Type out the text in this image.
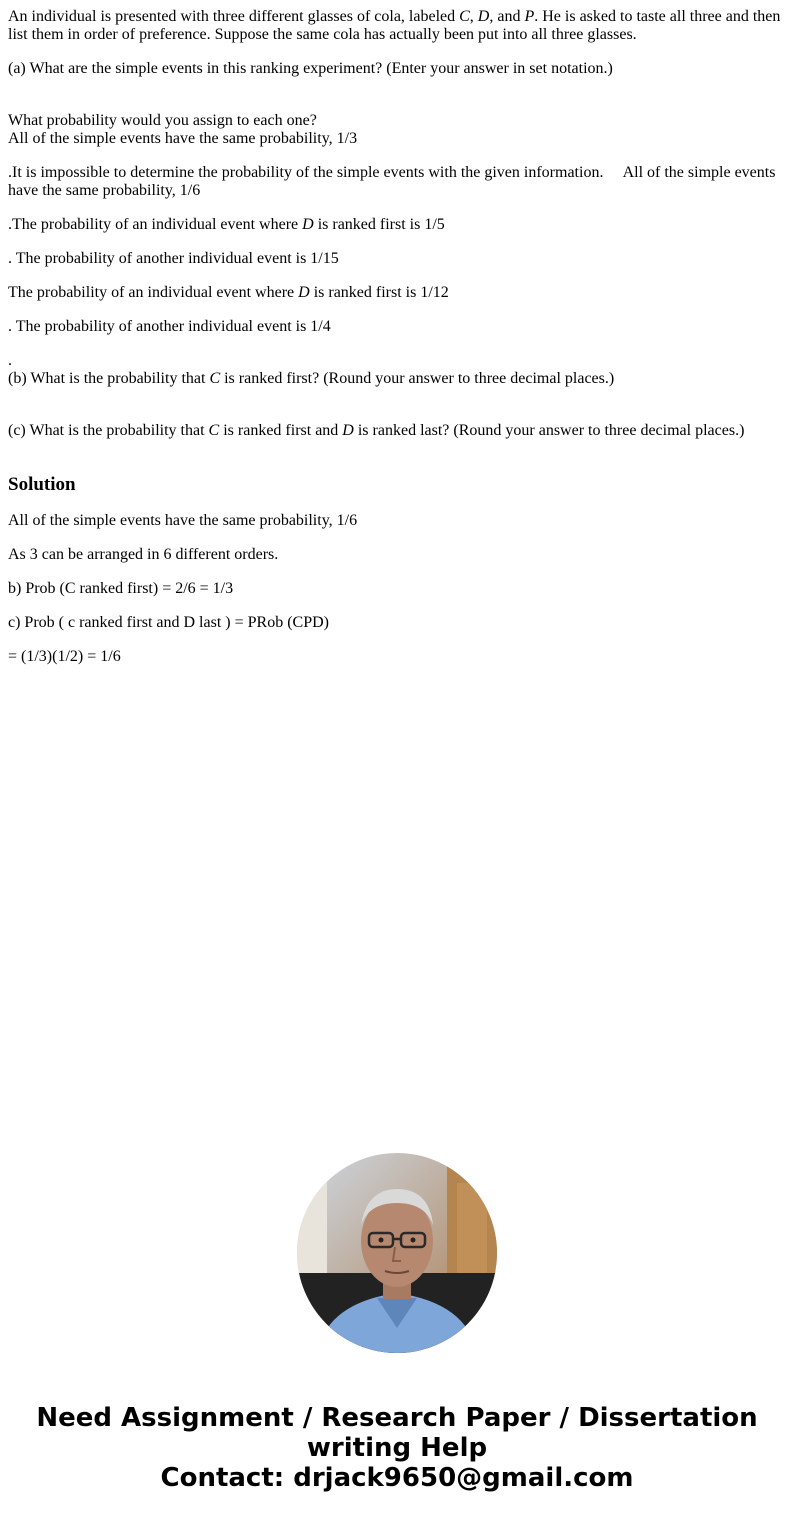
An individual is presented with three different glasses of cola, labeled C, D, and P. He is asked to taste all three and then list them in order of preference. Suppose the same cola has actually been put into all three glasses.

(a) What are the simple events in this ranking experiment? (Enter your answer in set notation.)

What probability would you assign to each one?
All of the simple events have the same probability, 1/3

.It is impossible to determine the probability of the simple events with the given information. All of the simple events have the same probability, 1/6

.The probability of an individual event where D is ranked first is 1/5

. The probability of another individual event is 1/15

The probability of an individual event where D is ranked first is 1/12

. The probability of another individual event is 1/4

.
(b) What is the probability that C is ranked first? (Round your answer to three decimal places.)

(c) What is the probability that C is ranked first and D is ranked last? (Round your answer to three decimal places.)

Solution

All of the simple events have the same probability, 1/6

As 3 can be arranged in 6 different orders.

b) Prob (C ranked first) = 2/6 = 1/3

c) Prob ( c ranked first and D last ) = PRob (CPD)

= (1/3)(1/2) = 1/6

Need Assignment / Research Paper / Dissertation
writing Help
Contact: drjack9650@gmail.com
